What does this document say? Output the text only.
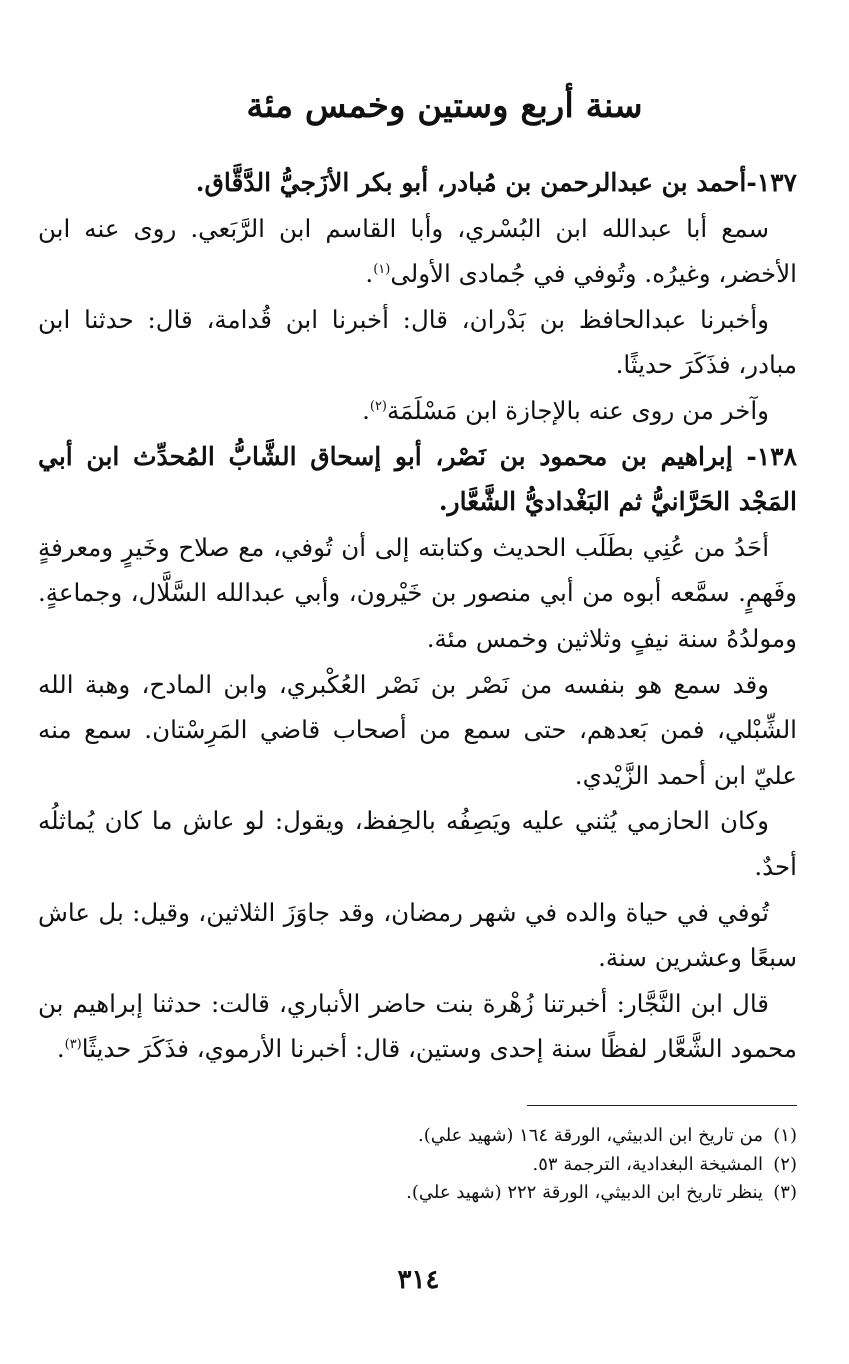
سنة أربع وستين وخمس مئة

١٣٧-أحمد بن عبدالرحمن بن مُبادر، أبو بكر الأزَجيُّ الدَّقَّاق.

سمع أبا عبدالله ابن البُسْري، وأبا القاسم ابن الرَّبَعي. روى عنه ابن الأخضر، وغيرُه. وتُوفي في جُمادى الأولى$^{(١)}$.

وأخبرنا عبدالحافظ بن بَدْران، قال: أخبرنا ابن قُدامة، قال: حدثنا ابن مبادر، فذَكَرَ حديثًا.

وآخر من روى عنه بالإجازة ابن مَسْلَمَة$^{(٢)}$.

١٣٨- إبراهيم بن محمود بن نَصْر، أبو إسحاق الشَّابُّ المُحدِّث ابن أبي المَجْد الحَرَّانيُّ ثم البَغْداديُّ الشَّعَّار.

أحَدُ من عُنِي بطَلَب الحديث وكتابته إلى أن تُوفي، مع صلاح وخَيرٍ ومعرفةٍ وفَهمٍ. سمَّعه أبوه من أبي منصور بن خَيْرون، وأبي عبدالله السَّلَّال، وجماعةٍ. ومولدُهُ سنة نيفٍ وثلاثين وخمس مئة.

وقد سمع هو بنفسه من نَصْر بن نَصْر العُكْبري، وابن المادح، وهبة الله الشِّبْلي، فمن بَعدهم، حتى سمع من أصحاب قاضي المَرِسْتان. سمع منه عليّ ابن أحمد الزَّيْدي.

وكان الحازمي يُثني عليه ويَصِفُه بالحِفظ، ويقول: لو عاش ما كان يُماثلُه أحدٌ.

تُوفي في حياة والده في شهر رمضان، وقد جاوَزَ الثلاثين، وقيل: بل عاش سبعًا وعشرين سنة.

قال ابن النَّجَّار: أخبرتنا زُهْرة بنت حاضر الأنباري، قالت: حدثنا إبراهيم بن محمود الشَّعَّار لفظًا سنة إحدى وستين، قال: أخبرنا الأرموي، فذَكَرَ حديثًا$^{(٣)}$.

(١)من تاريخ ابن الدبيثي، الورقة ١٦٤ (شهيد علي).
(٢)المشيخة البغدادية، الترجمة ٥٣.
(٣)ينظر تاريخ ابن الدبيثي، الورقة ٢٢٢ (شهيد علي).
٣١٤
